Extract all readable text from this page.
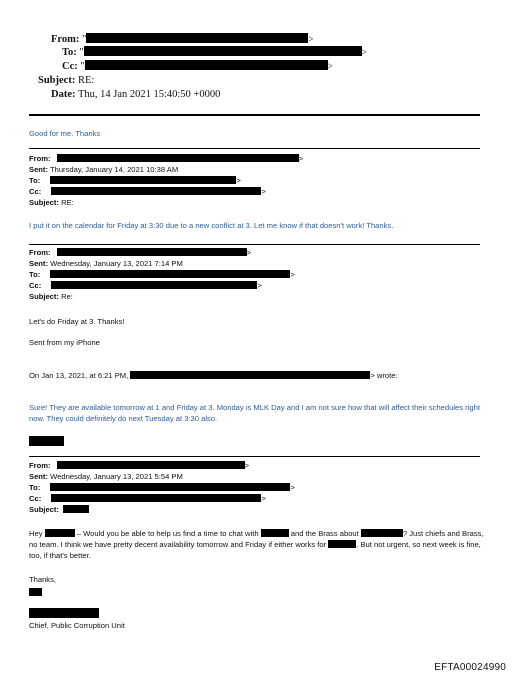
From: "	>
To: "	>
Cc: "	>
Subject: RE:
Date: Thu, 14 Jan 2021 15:40:50 +0000
Good for me. Thanks
From:	>
Sent: Thursday, January 14, 2021 10:38 AM
To:	>
Cc:	>
Subject: RE:
I put it on the calendar for Friday at 3:30 due to a new conflict at 3. Let me know if that doesn't work! Thanks.
From:	>
Sent: Wednesday, January 13, 2021 7:14 PM
To:	>
Cc:	>
Subject: Re:
Let's do Friday at 3. Thanks!
Sent from my iPhone
On Jan 13, 2021, at 6:21 PM,	> wrote:
Sure! They are available tomorrow at 1 and Friday at 3. Monday is MLK Day and I am not sure how that will affect their schedules right now. They could definitely do next Tuesday at 3:30 also.
From:	>
Sent: Wednesday, January 13, 2021 5:54 PM
To:	>
Cc:	>
Subject:
Hey	– Would you be able to help us find a time to chat with	and the Brass about	? Just chiefs and Brass, no team. I think we have pretty decent availability tomorrow and Friday if either works for	. But not urgent, so next week is fine, too, if that's better.
Thanks,
Chief, Public Corruption Unit
EFTA00024990
